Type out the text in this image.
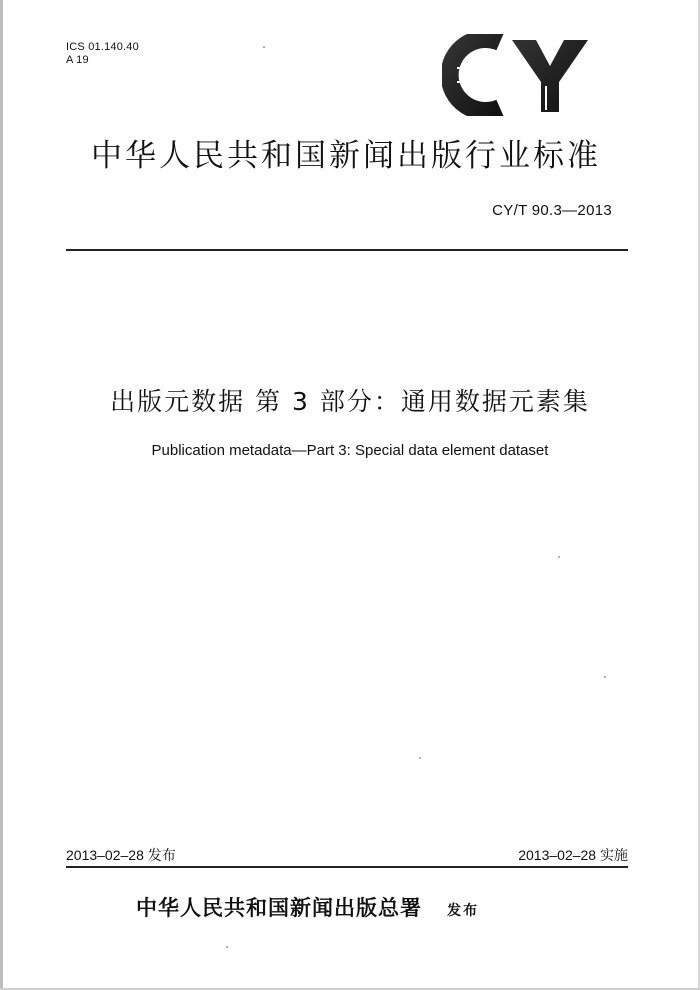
ICS 01.140.40
A 19
中华人民共和国新闻出版行业标准
CY/T 90.3—2013
出版元数据 第 3 部分：通用数据元素集
Publication metadata—Part 3: Special data element dataset
2013–02–28 发布	2013–02–28 实施
中华人民共和国新闻出版总署 发布
